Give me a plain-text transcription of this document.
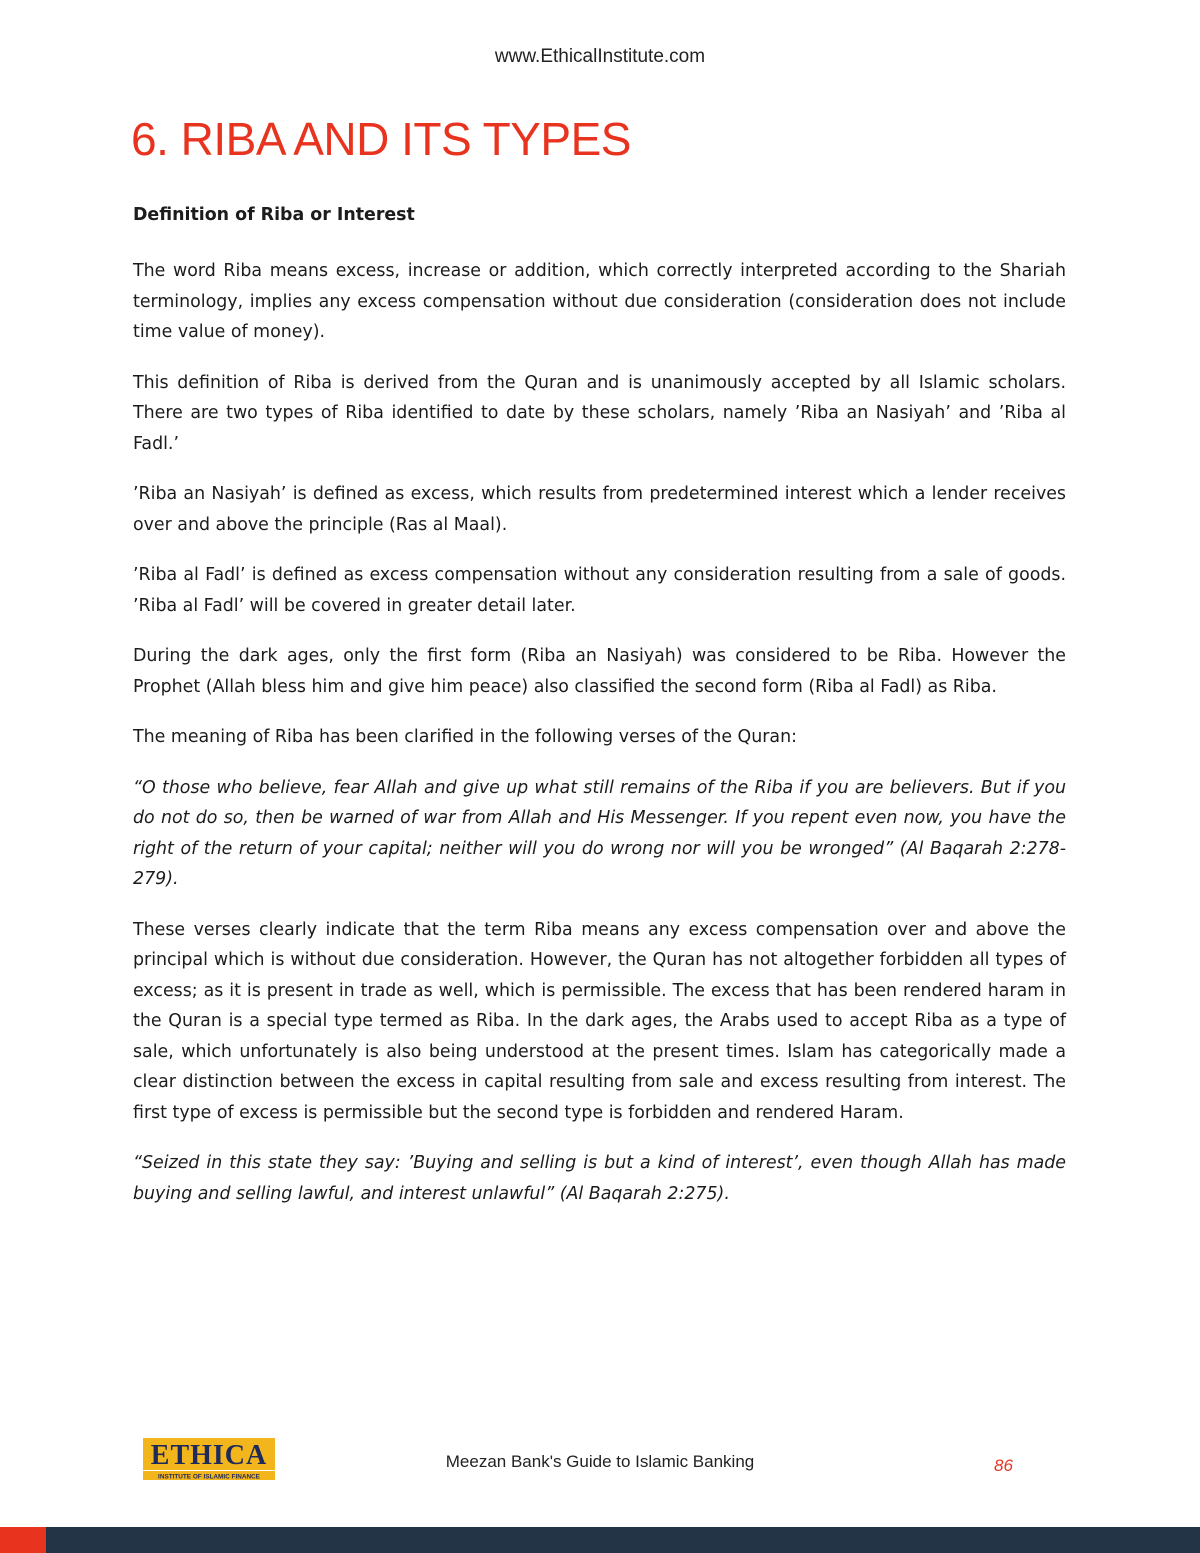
www.EthicalInstitute.com
6. RIBA AND ITS TYPES
Definition of Riba or Interest

The word Riba means excess, increase or addition, which correctly interpreted according to the Shariah terminology, implies any excess compensation without due consideration (consideration does not include time value of money).

This definition of Riba is derived from the Quran and is unanimously accepted by all Islamic scholars. There are two types of Riba identified to date by these scholars, namely ’Riba an Nasiyah’ and ’Riba al Fadl.’

’Riba an Nasiyah’ is defined as excess, which results from predetermined interest which a lender receives over and above the principle (Ras al Maal).

’Riba al Fadl’ is defined as excess compensation without any consideration resulting from a sale of goods. ’Riba al Fadl’ will be covered in greater detail later.

During the dark ages, only the first form (Riba an Nasiyah) was considered to be Riba. However the Prophet (Allah bless him and give him peace) also classified the second form (Riba al Fadl) as Riba.

The meaning of Riba has been clarified in the following verses of the Quran:

“O those who believe, fear Allah and give up what still remains of the Riba if you are believers. But if you do not do so, then be warned of war from Allah and His Messenger. If you repent even now, you have the right of the return of your capital; neither will you do wrong nor will you be wronged” (Al Baqarah 2:278-279).

These verses clearly indicate that the term Riba means any excess compensation over and above the principal which is without due consideration. However, the Quran has not altogether forbidden all types of excess; as it is present in trade as well, which is permissible. The excess that has been rendered haram in the Quran is a special type termed as Riba. In the dark ages, the Arabs used to accept Riba as a type of sale, which unfortunately is also being understood at the present times. Islam has categorically made a clear distinction between the excess in capital resulting from sale and excess resulting from interest. The first type of excess is permissible but the second type is forbidden and rendered Haram.

“Seized in this state they say: ’Buying and selling is but a kind of interest’, even though Allah has made buying and selling lawful, and interest unlawful” (Al Baqarah 2:275).

ETHICA
INSTITUTE OF ISLAMIC FINANCE
Meezan Bank's Guide to Islamic Banking	86
